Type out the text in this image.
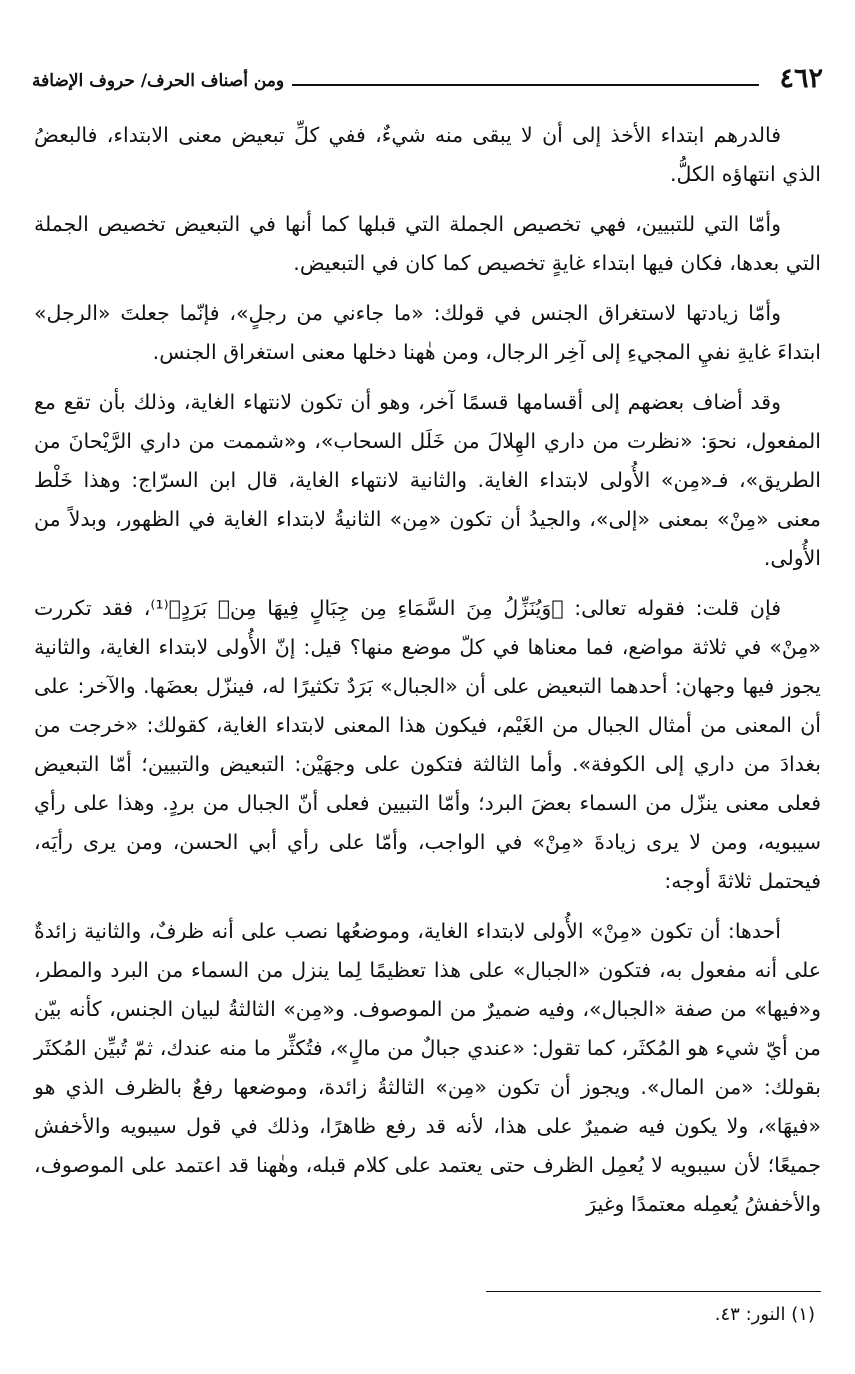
٤٦٢
ومن أصناف الحرف/ حروف الإضافة

فالدرهم ابتداء الأخذ إلى أن لا يبقى منه شيءٌ، ففي كلِّ تبعيض معنى الابتداء، فالبعضُ الذي انتهاؤه الكلُّ.

وأمّا التي للتبيين، فهي تخصيص الجملة التي قبلها كما أنها في التبعيض تخصيص الجملة التي بعدها، فكان فيها ابتداء غايةٍ تخصيص كما كان في التبعيض.

وأمّا زيادتها لاستغراق الجنس في قولك: «ما جاءني من رجلٍ»، فإنّما جعلتَ «الرجل» ابتداءَ غايةِ نفيِ المجيءِ إلى آخِر الرجال، ومن هٰهنا دخلها معنى استغراق الجنس.

وقد أضاف بعضهم إلى أقسامها قسمًا آخر، وهو أن تكون لانتهاء الغاية، وذلك بأن تقع مع المفعول، نحوَ: «نظرت من داري الهِلالَ من خَلَل السحاب»، و«شممت من داري الرَّيْحانَ من الطريق»، فـ«مِن» الأُولى لابتداء الغاية. والثانية لانتهاء الغاية، قال ابن السرّاج: وهذا خَلْط معنى «مِنْ» بمعنى «إلى»، والجيدُ أن تكون «مِن» الثانيةُ لابتداء الغاية في الظهور، وبدلاً من الأُولى.

فإن قلت: فقوله تعالى: ﴿وَيُنَزِّلُ مِنَ السَّمَاءِ مِن جِبَالٍ فِيهَا مِنۢ بَرَدٍ﴾⁽¹⁾، فقد تكررت «مِنْ» في ثلاثة مواضع، فما معناها في كلّ موضع منها؟ قيل: إنّ الأُولى لابتداء الغاية، والثانية يجوز فيها وجهان: أحدهما التبعيض على أن «الجبال» بَرَدٌ تكثيرًا له، فينزّل بعضَها. والآخر: على أن المعنى من أمثال الجبال من الغَيْم، فيكون هذا المعنى لابتداء الغاية، كقولك: «خرجت من بغدادَ من داري إلى الكوفة». وأما الثالثة فتكون على وجهَيْن: التبعيض والتبيين؛ أمّا التبعيض فعلى معنى ينزّل من السماء بعضَ البرد؛ وأمّا التبيين فعلى أنّ الجبال من بردٍ. وهذا على رأي سيبويه، ومن لا يرى زيادةَ «مِنْ» في الواجب، وأمّا على رأي أبي الحسن، ومن يرى رأيَه، فيحتمل ثلاثةَ أوجه:

أحدها: أن تكون «مِنْ» الأُولى لابتداء الغاية، وموضعُها نصب على أنه ظرفٌ، والثانية زائدةٌ على أنه مفعول به، فتكون «الجبال» على هذا تعظيمًا لِما ينزل من السماء من البرد والمطر، و«فيها» من صفة «الجبال»، وفيه ضميرٌ من الموصوف. و«مِن» الثالثةُ لبيان الجنس، كأنه بيّن من أيّ شيء هو المُكثَر، كما تقول: «عندي جبالٌ من مالٍ»، فتُكثِّر ما منه عندك، ثمّ تُبيِّن المُكثَر بقولك: «من المال». ويجوز أن تكون «مِن» الثالثةُ زائدة، وموضعها رفعٌ بالظرف الذي هو «فيهَا»، ولا يكون فيه ضميرٌ على هذا، لأنه قد رفع ظاهرًا، وذلك في قول سيبويه والأخفش جميعًا؛ لأن سيبويه لا يُعمِل الظرف حتى يعتمد على كلام قبله، وهٰهنا قد اعتمد على الموصوف، والأخفشُ يُعمِله معتمدًا وغيرَ

(١) النور: ٤٣.
